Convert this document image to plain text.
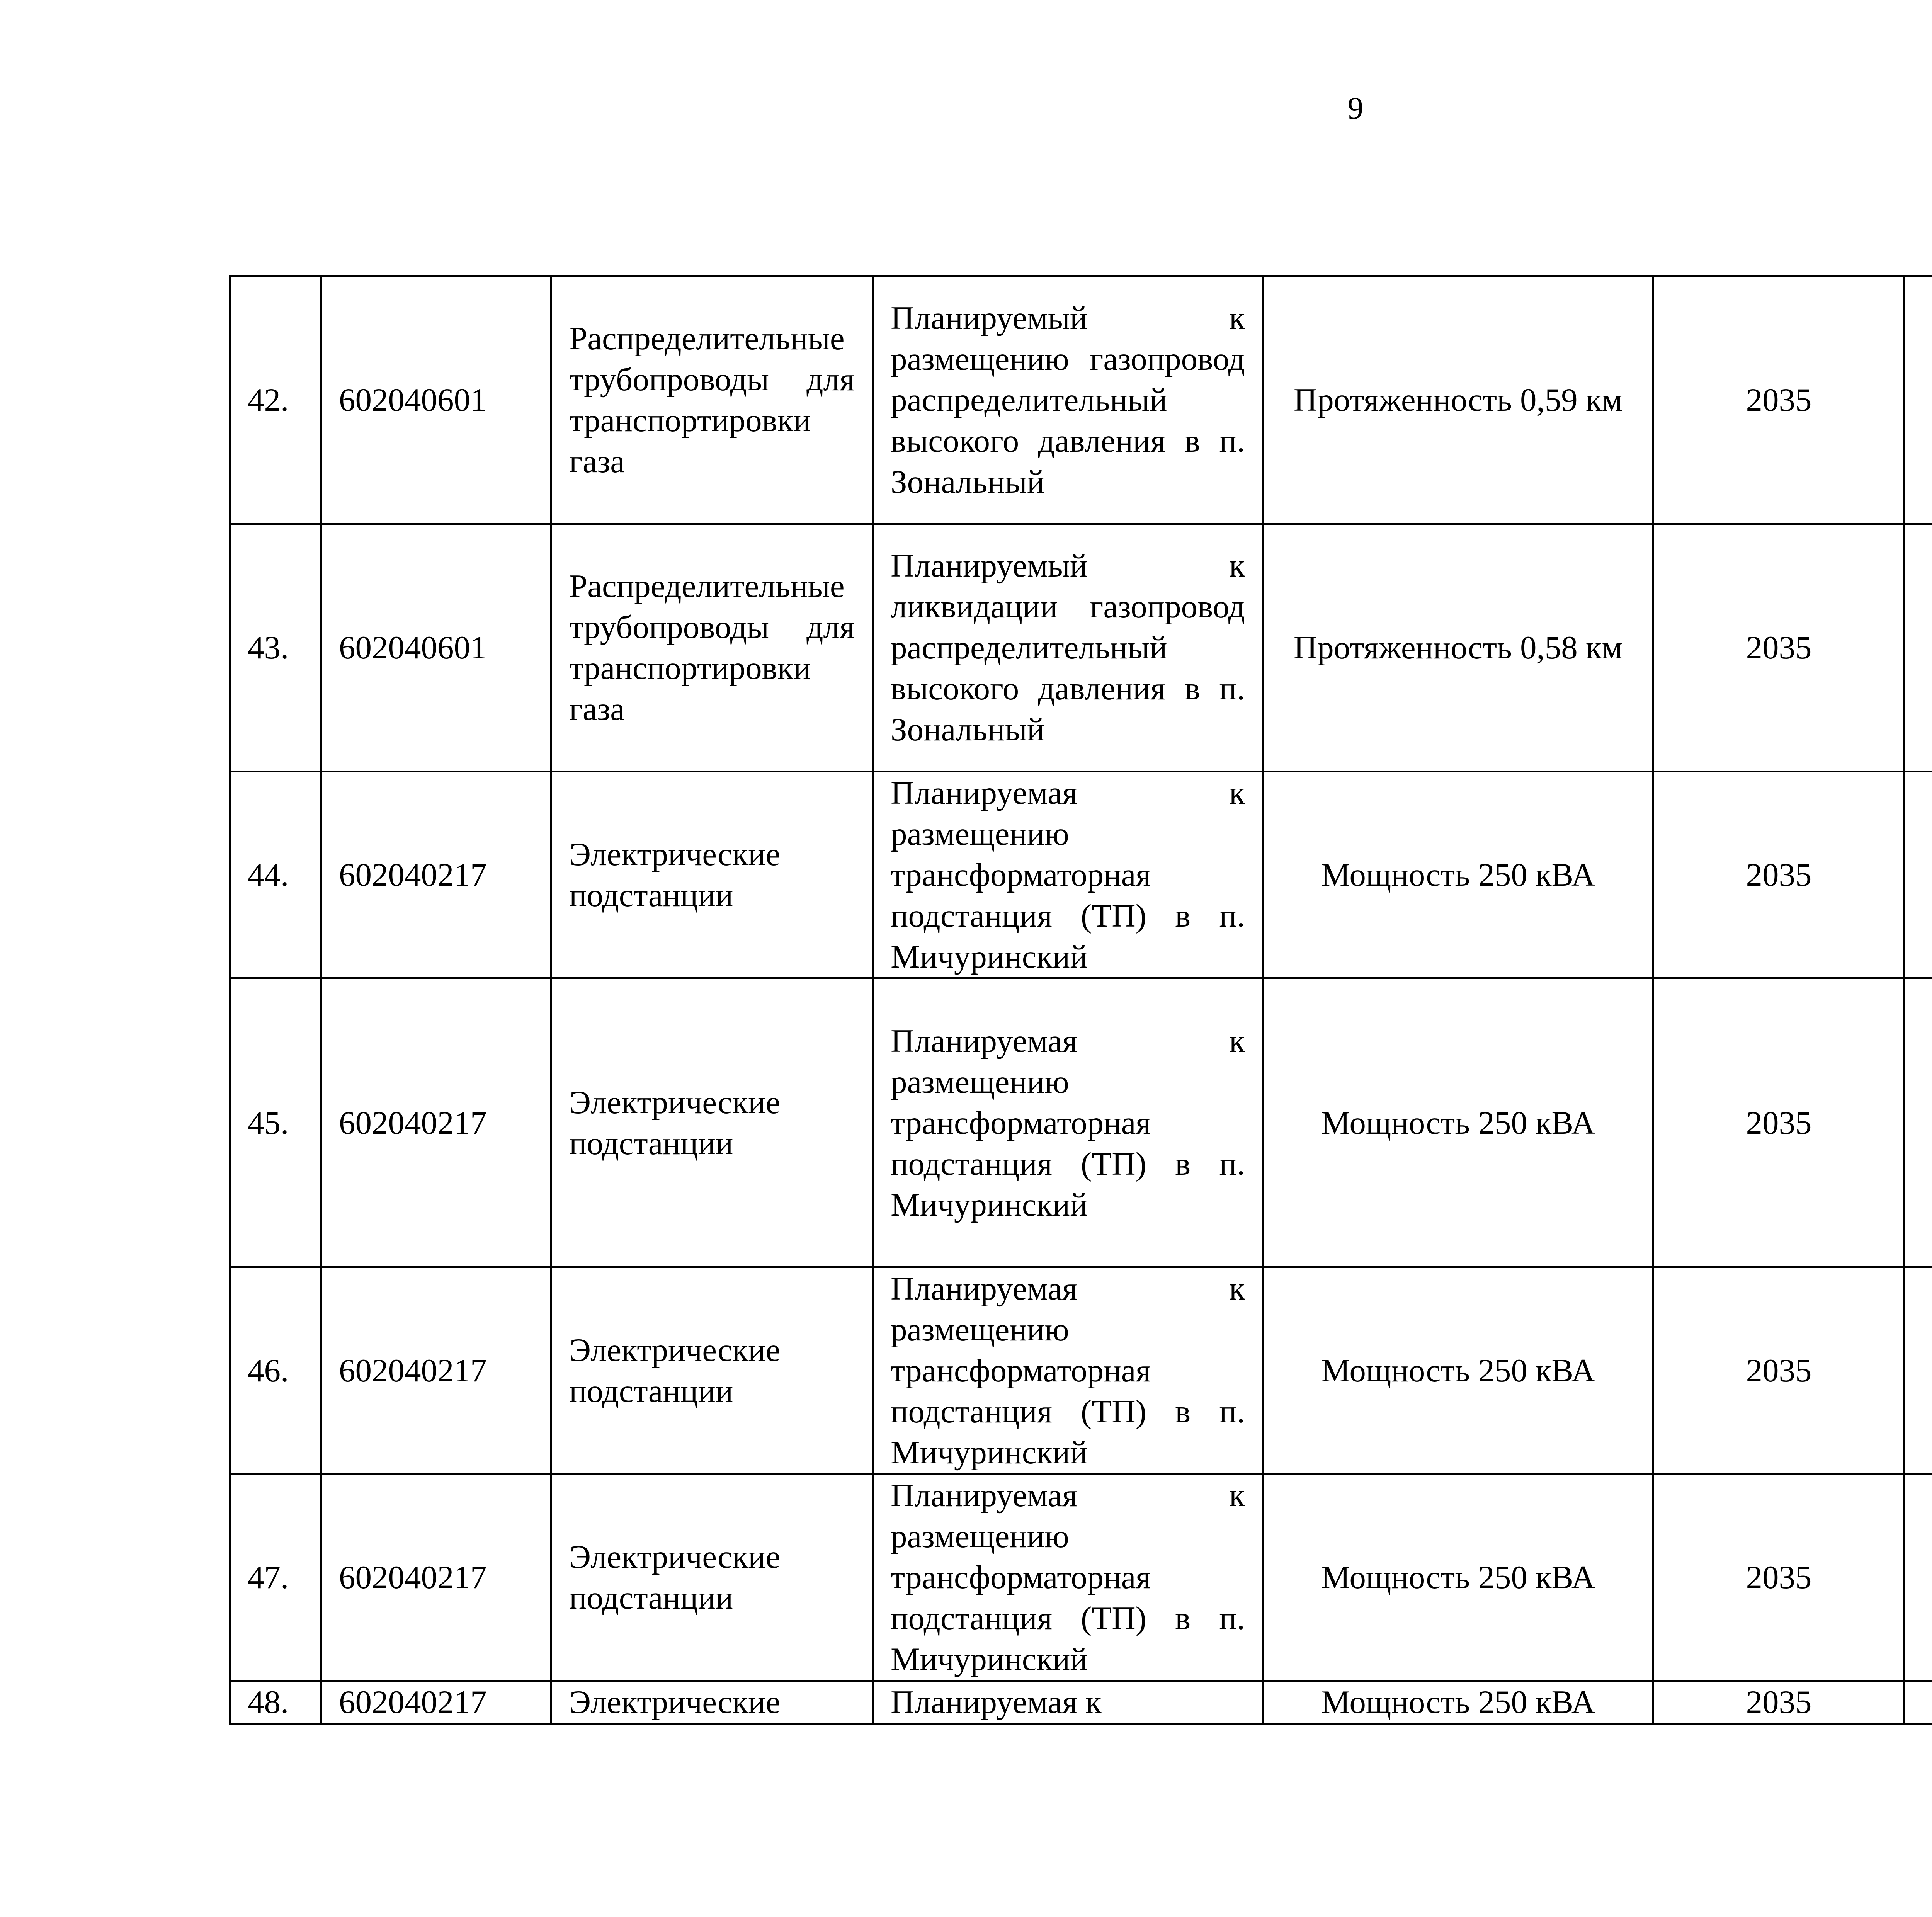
9
42.	602040601	Распределительные трубопроводы для транспортировки газа	Планируемый к размещению газопровод распределительный высокого давления в п. Зональный	Протяженность 0,59 км	2035		
43.	602040601	Распределительные трубопроводы для транспортировки газа	Планируемый к ликвидации газопровод распределительный высокого давления в п. Зональный	Протяженность 0,58 км	2035		
44.	602040217	Электрические подстанции	Планируемая к размещению трансформаторная подстанция (ТП) в п. Мичуринский	Мощность 250 кВА	2035		
45.	602040217	Электрические подстанции	Планируемая к размещению трансформаторная подстанция (ТП) в п. Мичуринский	Мощность 250 кВА	2035		
46.	602040217	Электрические подстанции	Планируемая к размещению трансформаторная подстанция (ТП) в п. Мичуринский	Мощность 250 кВА	2035		
47.	602040217	Электрические подстанции	Планируемая к размещению трансформаторная подстанция (ТП) в п. Мичуринский	Мощность 250 кВА	2035		

48.	602040217	Электрические	Планируемая к	Мощность 250 кВА	2035
